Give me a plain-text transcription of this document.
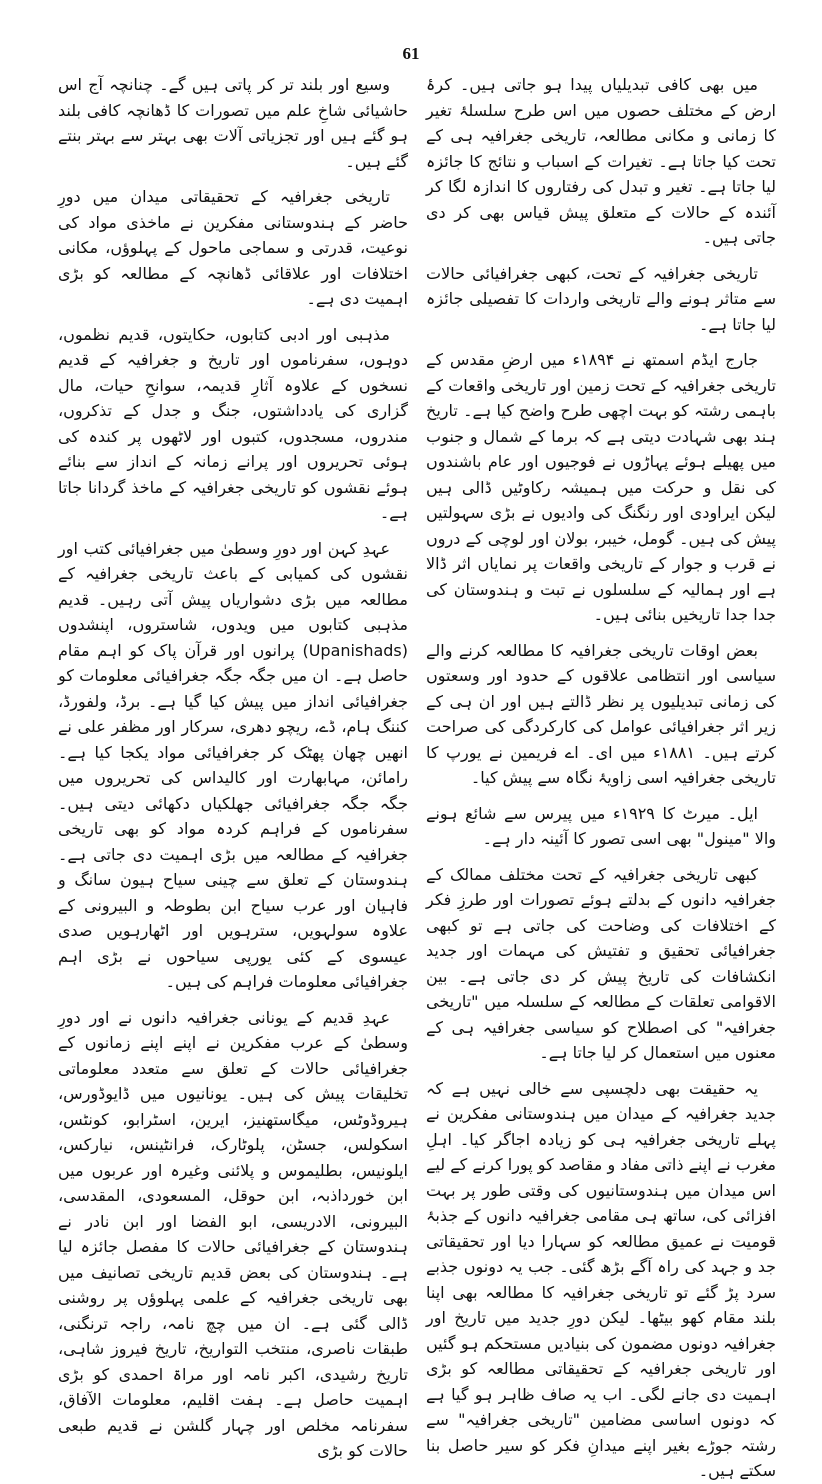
61

میں بھی کافی تبدیلیاں پیدا ہو جاتی ہیں۔ کرۂ ارض کے مختلف حصوں میں اس طرح سلسلۂ تغیر کا زمانی و مکانی مطالعہ، تاریخی جغرافیہ ہی کے تحت کیا جاتا ہے۔ تغیرات کے اسباب و نتائج کا جائزہ لیا جاتا ہے۔ تغیر و تبدل کی رفتاروں کا اندازہ لگا کر آئندہ کے حالات کے متعلق پیش قیاس بھی کر دی جاتی ہیں۔

تاریخی جغرافیہ کے تحت، کبھی جغرافیائی حالات سے متاثر ہونے والے تاریخی واردات کا تفصیلی جائزہ لیا جاتا ہے۔

جارج ایڈم اسمتھ نے ۱۸۹۴ء میں ارضِ مقدس کے تاریخی جغرافیہ کے تحت زمین اور تاریخی واقعات کے باہمی رشتہ کو بہت اچھی طرح واضح کیا ہے۔ تاریخ ہند بھی شہادت دیتی ہے کہ برما کے شمال و جنوب میں پھیلے ہوئے پہاڑوں نے فوجیوں اور عام باشندوں کی نقل و حرکت میں ہمیشہ رکاوٹیں ڈالی ہیں لیکن ایراودی اور رنگنگ کی وادیوں نے بڑی سہولتیں پیش کی ہیں۔ گومل، خیبر، بولان اور لوچی کے دروں نے قرب و جوار کے تاریخی واقعات پر نمایاں اثر ڈالا ہے اور ہمالیہ کے سلسلوں نے تبت و ہندوستان کی جدا جدا تاریخیں بنائی ہیں۔

بعض اوقات تاریخی جغرافیہ کا مطالعہ کرنے والے سیاسی اور انتظامی علاقوں کے حدود اور وسعتوں کی زمانی تبدیلیوں پر نظر ڈالتے ہیں اور ان ہی کے زیر اثر جغرافیائی عوامل کی کارکردگی کی صراحت کرتے ہیں۔ ۱۸۸۱ء میں ای۔ اے فریمین نے یورپ کا تاریخی جغرافیہ اسی زاویۂ نگاہ سے پیش کیا۔

ایل۔ میرٹ کا ۱۹۲۹ء میں پیرس سے شائع ہونے والا "مینول" بھی اسی تصور کا آئینہ دار ہے۔

کبھی تاریخی جغرافیہ کے تحت مختلف ممالک کے جغرافیہ دانوں کے بدلتے ہوئے تصورات اور طرزِ فکر کے اختلافات کی وضاحت کی جاتی ہے تو کبھی جغرافیائی تحقیق و تفتیش کی مہمات اور جدید انکشافات کی تاریخ پیش کر دی جاتی ہے۔ بین الاقوامی تعلقات کے مطالعہ کے سلسلہ میں "تاریخی جغرافیہ" کی اصطلاح کو سیاسی جغرافیہ ہی کے معنوں میں استعمال کر لیا جاتا ہے۔

یہ حقیقت بھی دلچسپی سے خالی نہیں ہے کہ جدید جغرافیہ کے میدان میں ہندوستانی مفکرین نے پہلے تاریخی جغرافیہ ہی کو زیادہ اجاگر کیا۔ اہلِ مغرب نے اپنے ذاتی مفاد و مقاصد کو پورا کرنے کے لیے اس میدان میں ہندوستانیوں کی وقتی طور پر بہت افزائی کی، ساتھ ہی مقامی جغرافیہ دانوں کے جذبۂ قومیت نے عمیق مطالعہ کو سہارا دیا اور تحقیقاتی جد و جہد کی راہ آگے بڑھ گئی۔ جب یہ دونوں جذبے سرد پڑ گئے تو تاریخی جغرافیہ کا مطالعہ بھی اپنا بلند مقام کھو بیٹھا۔ لیکن دورِ جدید میں تاریخ اور جغرافیہ دونوں مضمون کی بنیادیں مستحکم ہو گئیں اور تاریخی جغرافیہ کے تحقیقاتی مطالعہ کو بڑی اہمیت دی جانے لگی۔ اب یہ صاف ظاہر ہو گیا ہے کہ دونوں اساسی مضامین "تاریخی جغرافیہ" سے رشتہ جوڑے بغیر اپنے میدانِ فکر کو سیر حاصل بنا سکتے ہیں۔

وسیع اور بلند تر کر پاتی ہیں گے۔ چنانچہ آج اس حاشیائی شاخِ علم میں تصورات کا ڈھانچہ کافی بلند ہو گئے ہیں اور تجزیاتی آلات بھی بہتر سے بہتر بنتے گئے ہیں۔

تاریخی جغرافیہ کے تحقیقاتی میدان میں دورِ حاضر کے ہندوستانی مفکرین نے ماخذی مواد کی نوعیت، قدرتی و سماجی ماحول کے پہلوؤں، مکانی اختلافات اور علاقائی ڈھانچہ کے مطالعہ کو بڑی اہمیت دی ہے۔

مذہبی اور ادبی کتابوں، حکایتوں، قدیم نظموں، دوہوں، سفرناموں اور تاریخ و جغرافیہ کے قدیم نسخوں کے علاوہ آثارِ قدیمہ، سوانحِ حیات، مال گزاری کی یادداشتوں، جنگ و جدل کے تذکروں، مندروں، مسجدوں، کتبوں اور لاٹھوں پر کندہ کی ہوئی تحریروں اور پرانے زمانہ کے انداز سے بنائے ہوئے نقشوں کو تاریخی جغرافیہ کے ماخذ گردانا جاتا ہے۔

عہدِ کہن اور دورِ وسطیٰ میں جغرافیائی کتب اور نقشوں کی کمیابی کے باعث تاریخی جغرافیہ کے مطالعہ میں بڑی دشواریاں پیش آتی رہیں۔ قدیم مذہبی کتابوں میں ویدوں، شاستروں، اپنشدوں (Upanishads) پرانوں اور قرآن پاک کو اہم مقام حاصل ہے۔ ان میں جگہ جگہ جغرافیائی معلومات کو جغرافیائی انداز میں پیش کیا گیا ہے۔ برڈ، ولفورڈ، کننگ ہام، ڈے، ریچو دھری، سرکار اور مظفر علی نے انھیں چھان پھٹک کر جغرافیائی مواد یکجا کیا ہے۔ رامائن، مہابھارت اور کالیداس کی تحریروں میں جگہ جگہ جغرافیائی جھلکیاں دکھائی دیتی ہیں۔ سفرناموں کے فراہم کردہ مواد کو بھی تاریخی جغرافیہ کے مطالعہ میں بڑی اہمیت دی جاتی ہے۔ ہندوستان کے تعلق سے چینی سیاح ہیون سانگ و فاہیان اور عرب سیاح ابن بطوطہ و البیرونی کے علاوہ سولہویں، سترہویں اور اٹھارہویں صدی عیسوی کے کئی یورپی سیاحوں نے بڑی اہم جغرافیائی معلومات فراہم کی ہیں۔

عہدِ قدیم کے یونانی جغرافیہ دانوں نے اور دورِ وسطیٰ کے عرب مفکرین نے اپنے اپنے زمانوں کے جغرافیائی حالات کے تعلق سے متعدد معلوماتی تخلیقات پیش کی ہیں۔ یونانیوں میں ڈایوڈورس، ہیروڈوٹس، میگاستھنیز، ایرین، اسٹرابو، کونٹس، اسکولس، جسٹن، پلوٹارک، فرانٹینس، نیارکس، ایلونیس، بطلیموس و پلائنی وغیرہ اور عربوں میں ابن خورداذبہ، ابن حوقل، المسعودی، المقدسی، البیرونی، الادریسی، ابو الفضا اور ابن نادر نے ہندوستان کے جغرافیائی حالات کا مفصل جائزہ لیا ہے۔ ہندوستان کی بعض قدیم تاریخی تصانیف میں بھی تاریخی جغرافیہ کے علمی پہلوؤں پر روشنی ڈالی گئی ہے۔ ان میں چچ نامہ، راجہ ترنگنی، طبقات ناصری، منتخب التواریخ، تاریخ فیروز شاہی، تاریخ رشیدی، اکبر نامہ اور مراۃ احمدی کو بڑی اہمیت حاصل ہے۔ ہفت اقلیم، معلومات الآفاق، سفرنامہ مخلص اور چہار گلشن نے قدیم طبعی حالات کو بڑی
